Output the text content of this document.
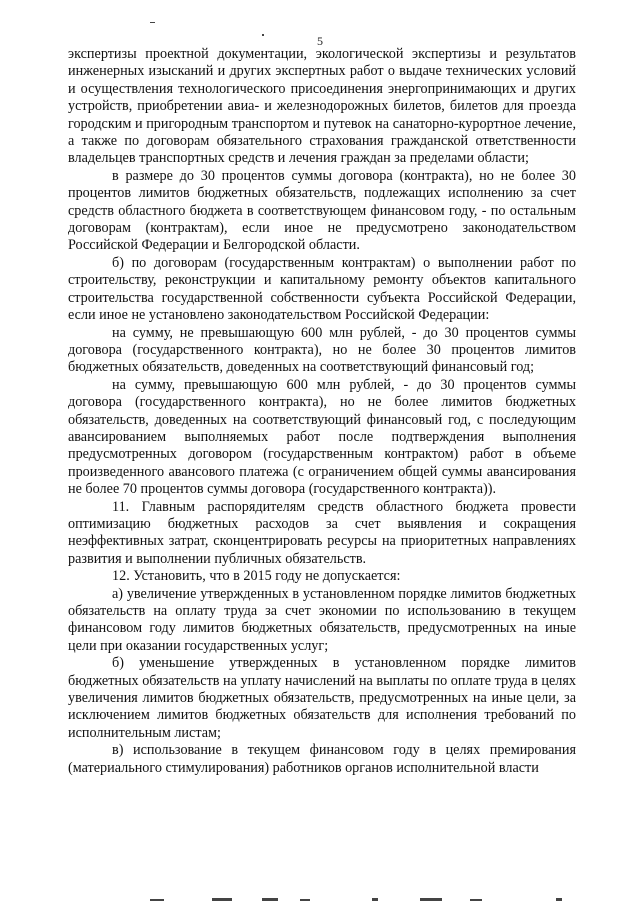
5

экспертизы проектной документации, экологической экспертизы и результатов инженерных изысканий и других экспертных работ о выдаче технических условий и осуществления технологического присоединения энергопринимающих и других устройств, приобретении авиа- и железнодорожных билетов, билетов для проезда городским и пригородным транспортом и путевок на санаторно-курортное лечение, а также по договорам обязательного страхования гражданской ответственности владельцев транспортных средств и лечения граждан за пределами области;

в размере до 30 процентов суммы договора (контракта), но не более 30 процентов лимитов бюджетных обязательств, подлежащих исполнению за счет средств областного бюджета в соответствующем финансовом году, - по остальным договорам (контрактам), если иное не предусмотрено законодательством Российской Федерации и Белгородской области.

б) по договорам (государственным контрактам) о выполнении работ по строительству, реконструкции и капитальному ремонту объектов капитального строительства государственной собственности субъекта Российской Федерации, если иное не установлено законодательством Российской Федерации:

на сумму, не превышающую 600 млн рублей, - до 30 процентов суммы договора (государственного контракта), но не более 30 процентов лимитов бюджетных обязательств, доведенных на соответствующий финансовый год;

на сумму, превышающую 600 млн рублей, - до 30 процентов суммы договора (государственного контракта), но не более лимитов бюджетных обязательств, доведенных на соответствующий финансовый год, с последующим авансированием выполняемых работ после подтверждения выполнения предусмотренных договором (государственным контрактом) работ в объеме произведенного авансового платежа (с ограничением общей суммы авансирования не более 70 процентов суммы договора (государственного контракта)).

11. Главным распорядителям средств областного бюджета провести оптимизацию бюджетных расходов за счет выявления и сокращения неэффективных затрат, сконцентрировать ресурсы на приоритетных направлениях развития и выполнении публичных обязательств.

12. Установить, что в 2015 году не допускается:

а) увеличение утвержденных в установленном порядке лимитов бюджетных обязательств на оплату труда за счет экономии по использованию в текущем финансовом году лимитов бюджетных обязательств, предусмотренных на иные цели при оказании государственных услуг;

б) уменьшение утвержденных в установленном порядке лимитов бюджетных обязательств на уплату начислений на выплаты по оплате труда в целях увеличения лимитов бюджетных обязательств, предусмотренных на иные цели, за исключением лимитов бюджетных обязательств для исполнения требований по исполнительным листам;

в) использование в текущем финансовом году в целях премирования (материального стимулирования) работников органов исполнительной власти
